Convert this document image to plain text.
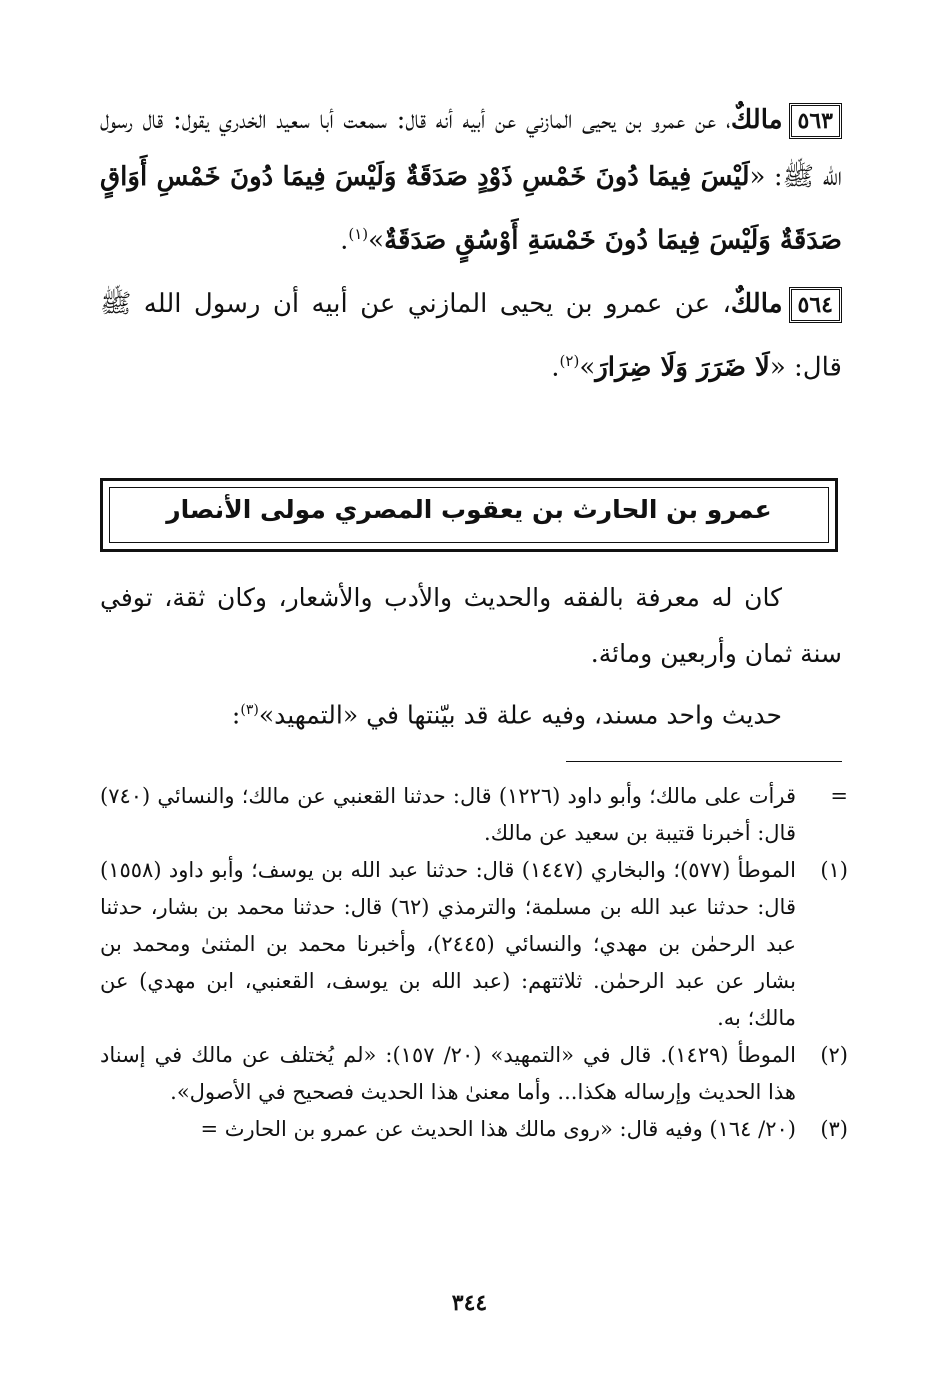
٥٦٣مالكٌ، عن عمرو بن يحيى المازني عن أبيه أنه قال: سمعت أبا سعيد الخدري يقول: قال رسول الله ﷺ: «لَيْسَ فِيمَا دُونَ خَمْسِ ذَوْدٍ صَدَقَةٌ وَلَيْسَ فِيمَا دُونَ خَمْسِ أَوَاقٍ صَدَقَةٌ وَلَيْسَ فِيمَا دُونَ خَمْسَةِ أَوْسُقٍ صَدَقَةٌ»$^{(١)}$.

٥٦٤مالكٌ، عن عمرو بن يحيى المازني عن أبيه أن رسول الله ﷺ قال: «لَا ضَرَرَ وَلَا ضِرَارَ»$^{(٢)}$.

عمرو بن الحارث بن يعقوب المصري مولى الأنصار

كان له معرفة بالفقه والحديث والأدب والأشعار، وكان ثقة، توفي سنة ثمان وأربعين ومائة.

حديث واحد مسند، وفيه علة قد بيّنتها في «التمهيد»$^{(٣)}$:

=
قرأت على مالك؛ وأبو داود (١٢٢٦) قال: حدثنا القعنبي عن مالك؛ والنسائي (٧٤٠) قال: أخبرنا قتيبة بن سعيد عن مالك.
(١)
الموطأ (٥٧٧)؛ والبخاري (١٤٤٧) قال: حدثنا عبد الله بن يوسف؛ وأبو داود (١٥٥٨) قال: حدثنا عبد الله بن مسلمة؛ والترمذي (٦٢) قال: حدثنا محمد بن بشار، حدثنا عبد الرحمٰن بن مهدي؛ والنسائي (٢٤٤٥)، وأخبرنا محمد بن المثنىٰ ومحمد بن بشار عن عبد الرحمٰن. ثلاثتهم: (عبد الله بن يوسف، القعنبي، ابن مهدي) عن مالك؛ به.
(٢)
الموطأ (١٤٢٩). قال في «التمهيد» (٢٠/ ١٥٧): «لم يُختلف عن مالك في إسناد هذا الحديث وإرساله هكذا... وأما معنىٰ هذا الحديث فصحيح في الأصول».
(٣)
(٢٠/ ١٦٤) وفيه قال: «روى مالك هذا الحديث عن عمرو بن الحارث =
٣٤٤
